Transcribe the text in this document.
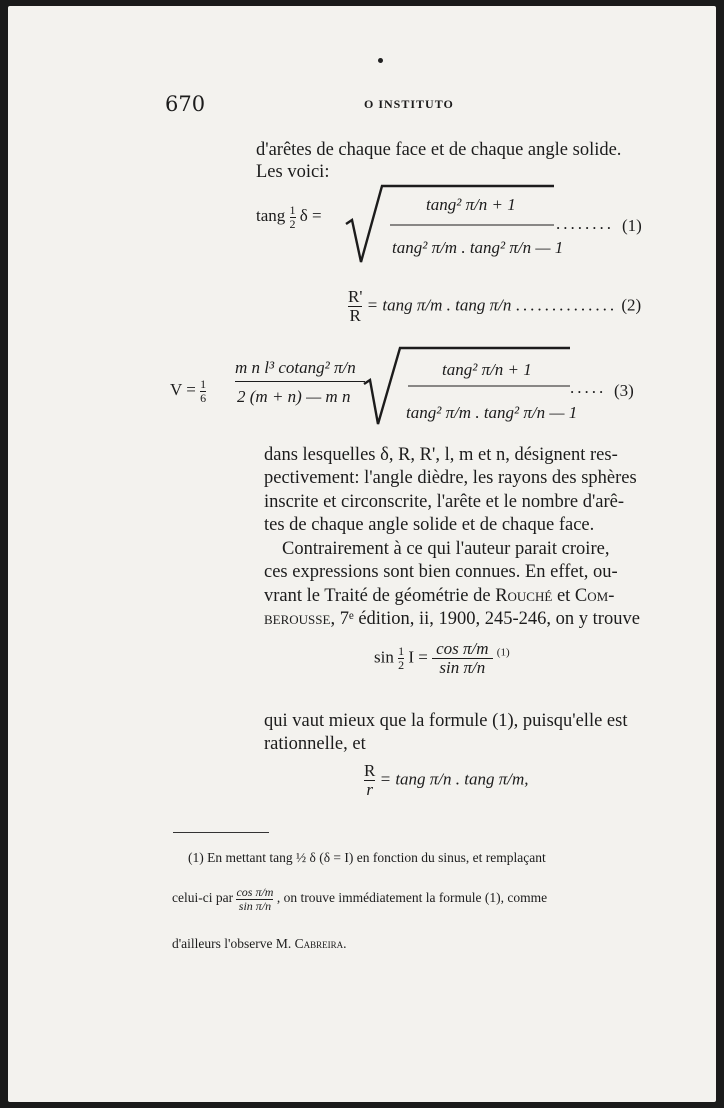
670	O INSTITUTO
d'arêtes de chaque face et de chaque angle solide.
Les voici:
tang $\frac{1}{2}$ δ =
tang² π/n + 1
tang² π/m . tang² π/n — 1
........ (1)
$\frac{R'}{R} = \tan g$ π/m . tang π/n .............. (2)
$V = \frac{1}{6}$
m n l³ cotang² π/n
2 (m + n) — m n
tang² π/n + 1
tang² π/m . tang² π/n — 1
..... (3)

dans lesquelles δ, R, R', l, m et n, désignent res-

pectivement: l'angle dièdre, les rayons des sphères

inscrite et circonscrite, l'arête et le nombre d'arê-

tes de chaque angle solide et de chaque face.

Contrairement à ce qui l'auteur parait croire,

ces expressions sont bien connues. En effet, ou-

vrant le Traité de géométrie de Rouché et Com-

berousse, 7ᵉ édition, ii, 1900, 245-246, on y trouve

$\sin \frac{1}{2}$ $I = \frac{\text{cos π/m}}{\text{sin π/n}} ^{(1)}$

qui vaut mieux que la formule (1), puisqu'elle est

rationnelle, et

$\frac{R}{r} = \tan g$ π/n . tang π/m,
(1) En mettant tang ½ δ (δ = I) en fonction du sinus, et remplaçant
celui-ci par $\frac{\text{cos π/m}}{\text{sin π/n}}$ , on trouve immédiatement la formule (1), comme
d'ailleurs l'observe M. Cabreira.
